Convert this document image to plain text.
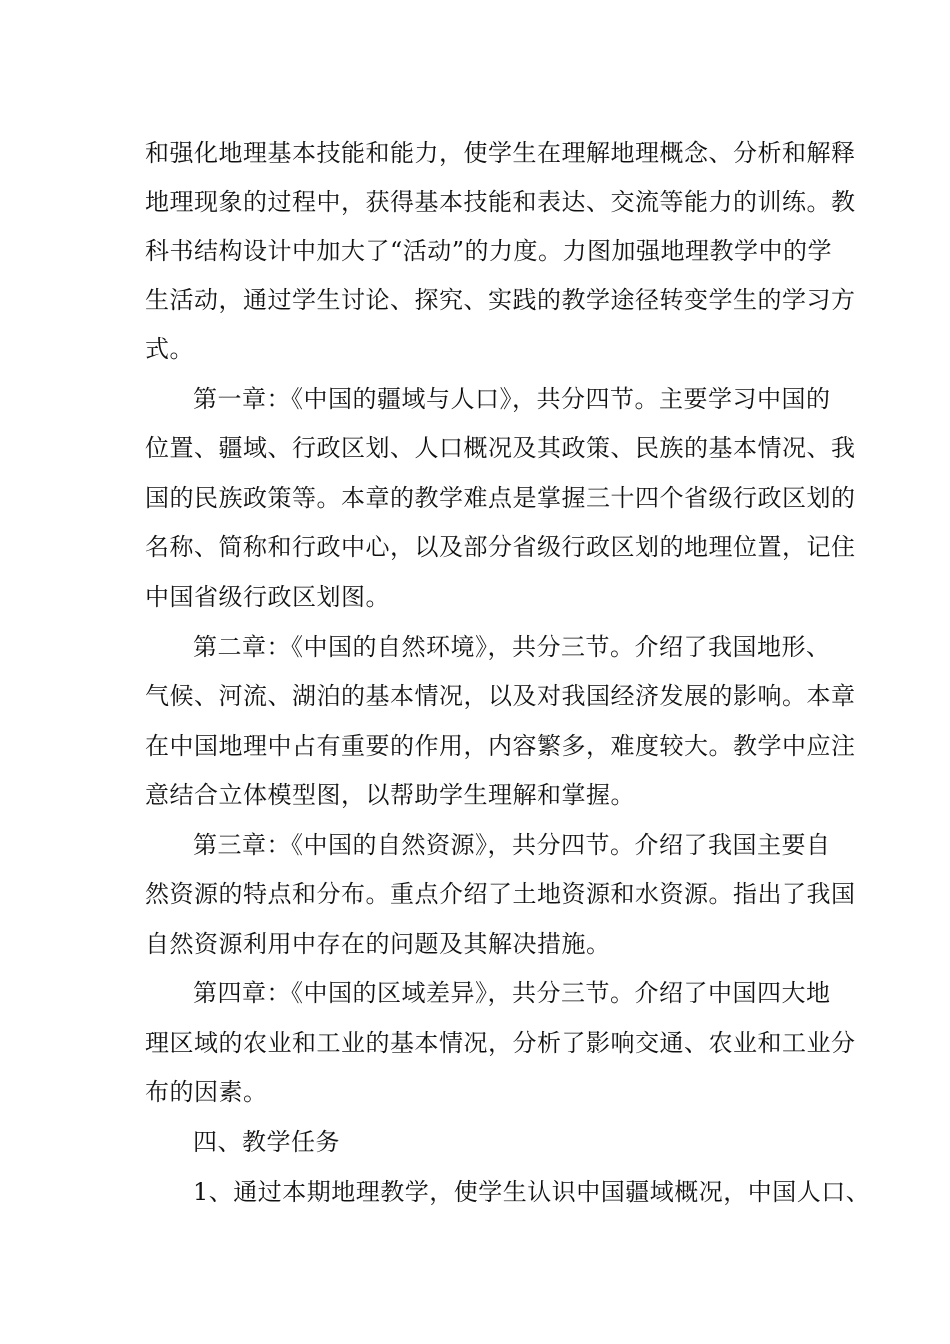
和强化地理基本技能和能力，使学生在理解地理概念、分析和解释
地理现象的过程中，获得基本技能和表达、交流等能力的训练。教
科书结构设计中加大了“活动”的力度。力图加强地理教学中的学
生活动，通过学生讨论、探究、实践的教学途径转变学生的学习方
式。
第一章：《中国的疆域与人口》，共分四节。主要学习中国的
位置、疆域、行政区划、人口概况及其政策、民族的基本情况、我
国的民族政策等。本章的教学难点是掌握三十四个省级行政区划的
名称、简称和行政中心，以及部分省级行政区划的地理位置，记住
中国省级行政区划图。
第二章：《中国的自然环境》，共分三节。介绍了我国地形、
气候、河流、湖泊的基本情况，以及对我国经济发展的影响。本章
在中国地理中占有重要的作用，内容繁多，难度较大。教学中应注
意结合立体模型图，以帮助学生理解和掌握。
第三章：《中国的自然资源》，共分四节。介绍了我国主要自
然资源的特点和分布。重点介绍了土地资源和水资源。指出了我国
自然资源利用中存在的问题及其解决措施。
第四章：《中国的区域差异》，共分三节。介绍了中国四大地
理区域的农业和工业的基本情况，分析了影响交通、农业和工业分
布的因素。
四、教学任务
1、通过本期地理教学，使学生认识中国疆域概况，中国人口、
